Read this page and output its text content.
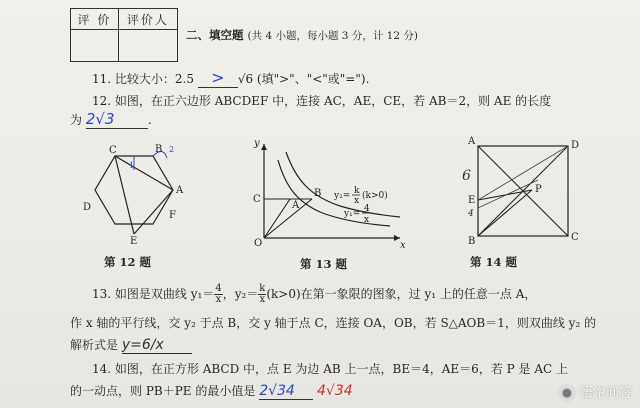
评 价	评价人

二、填空题 (共 4 小题，每小题 3 分，计 12 分)
11. 比较大小：2.5 > √6 (填">"、"<"或"=").
12. 如图，在正六边形 ABCDEF 中，连接 AC，AE，CE，若 AB＝2，则 AE 的长度
为 2√3	.
C	B
A
D
F
E
1
2
第 12 题
y
C
B
A
O	x
y₂= k
x (k>0)
y₁= 4
x
第 13 题
A	D
E
P
B	C
6
4
第 14 题
13. 如图是双曲线 $y_1= \frac{4}{x}$ ，$y_2= \frac{k}{x} (k>0)$在第一象限的图象，过 y₁ 上的任意一点 A，
作 x 轴的平行线，交 y₂ 于点 B，交 y 轴于点 C，连接 OA，OB，若 S△AOB＝1，则双曲线 y₂ 的
解析式是 y=6/x
14. 如图，在正方形 ABCD 中，点 E 为边 AB 上一点，BE＝4，AE＝6，若 P 是 AC 上
的一动点，则 PB＋PE 的最小值是 2√34 4√34	● 悟空问答
